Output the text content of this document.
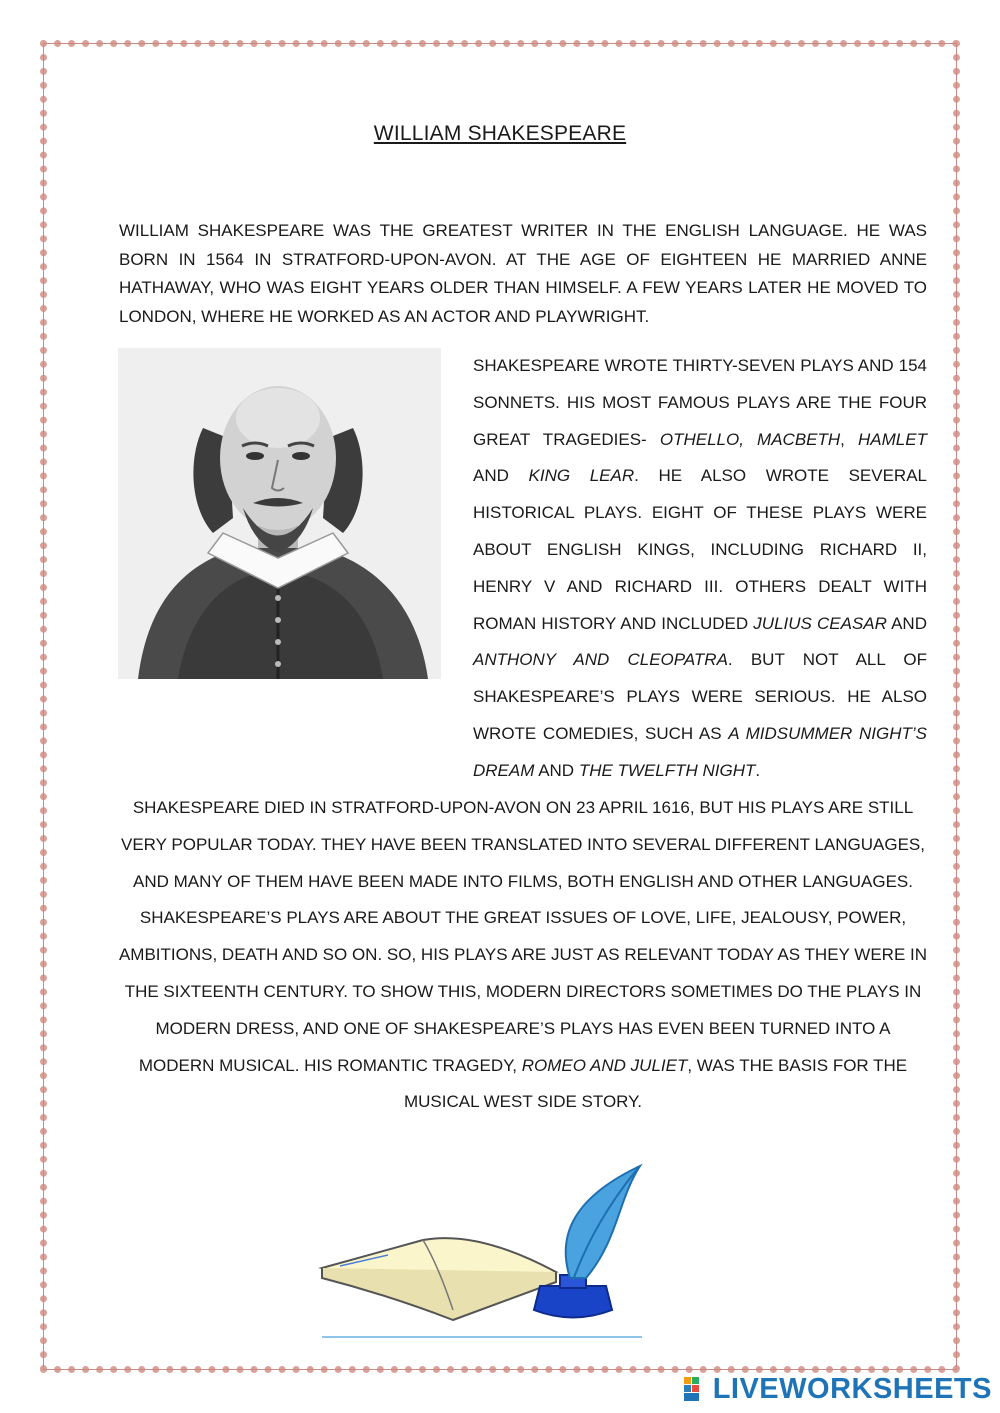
WILLIAM SHAKESPEARE

WILLIAM SHAKESPEARE WAS THE GREATEST WRITER IN THE ENGLISH LANGUAGE. HE WAS BORN IN 1564 IN STRATFORD-UPON-AVON. AT THE AGE OF EIGHTEEN HE MARRIED ANNE HATHAWAY, WHO WAS EIGHT YEARS OLDER THAN HIMSELF. A FEW YEARS LATER HE MOVED TO LONDON, WHERE HE WORKED AS AN ACTOR AND PLAYWRIGHT.

SHAKESPEARE WROTE THIRTY-SEVEN PLAYS AND 154 SONNETS. HIS MOST FAMOUS PLAYS ARE THE FOUR GREAT TRAGEDIES- OTHELLO, MACBETH, HAMLET AND KING LEAR. HE ALSO WROTE SEVERAL HISTORICAL PLAYS. EIGHT OF THESE PLAYS WERE ABOUT ENGLISH KINGS, INCLUDING RICHARD II, HENRY V AND RICHARD III. OTHERS DEALT WITH ROMAN HISTORY AND INCLUDED JULIUS CEASAR AND ANTHONY AND CLEOPATRA. BUT NOT ALL OF SHAKESPEARE’S PLAYS WERE SERIOUS. HE ALSO WROTE COMEDIES, SUCH AS A MIDSUMMER NIGHT’S DREAM AND THE TWELFTH NIGHT.

SHAKESPEARE DIED IN STRATFORD-UPON-AVON ON 23 APRIL 1616, BUT HIS PLAYS ARE STILL VERY POPULAR TODAY. THEY HAVE BEEN TRANSLATED INTO SEVERAL DIFFERENT LANGUAGES, AND MANY OF THEM HAVE BEEN MADE INTO FILMS, BOTH ENGLISH AND OTHER LANGUAGES. SHAKESPEARE’S PLAYS ARE ABOUT THE GREAT ISSUES OF LOVE, LIFE, JEALOUSY, POWER, AMBITIONS, DEATH AND SO ON. SO, HIS PLAYS ARE JUST AS RELEVANT TODAY AS THEY WERE IN THE SIXTEENTH CENTURY. TO SHOW THIS, MODERN DIRECTORS SOMETIMES DO THE PLAYS IN MODERN DRESS, AND ONE OF SHAKESPEARE’S PLAYS HAS EVEN BEEN TURNED INTO A MODERN MUSICAL. HIS ROMANTIC TRAGEDY, ROMEO AND JULIET, WAS THE BASIS FOR THE MUSICAL WEST SIDE STORY.

LIVEWORKSHEETS
